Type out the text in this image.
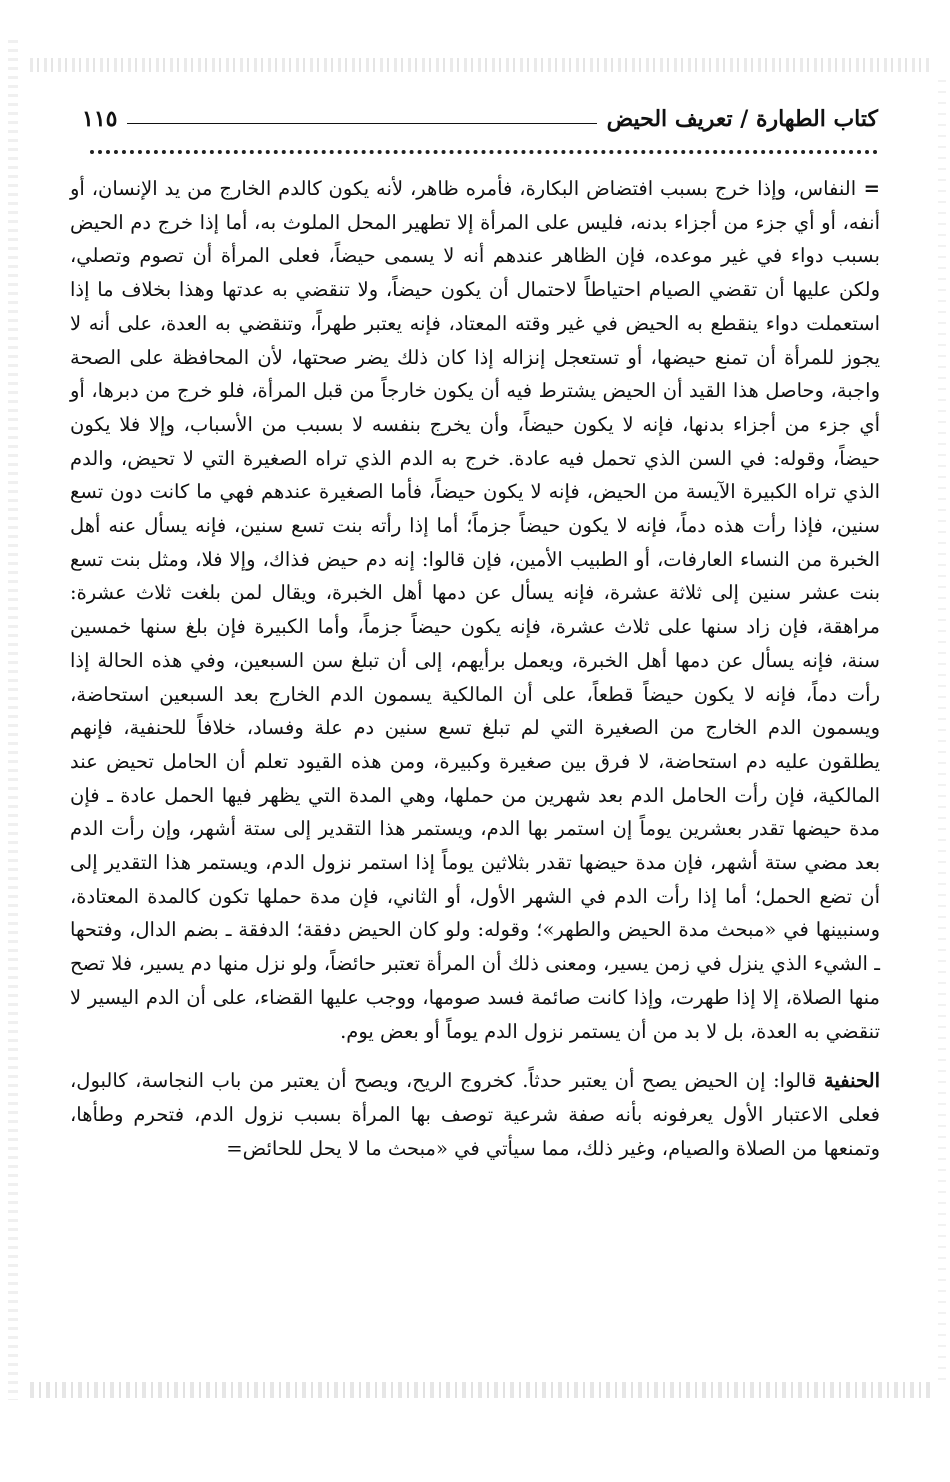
كتاب الطهارة / تعريف الحيض
١١٥

= النفاس، وإذا خرج بسبب افتضاض البكارة، فأمره ظاهر، لأنه يكون كالدم الخارج من يد الإنسان، أو أنفه، أو أي جزء من أجزاء بدنه، فليس على المرأة إلا تطهير المحل الملوث به، أما إذا خرج دم الحيض بسبب دواء في غير موعده، فإن الظاهر عندهم أنه لا يسمى حيضاً، فعلى المرأة أن تصوم وتصلي، ولكن عليها أن تقضي الصيام احتياطاً لاحتمال أن يكون حيضاً، ولا تنقضي به عدتها وهذا بخلاف ما إذا استعملت دواء ينقطع به الحيض في غير وقته المعتاد، فإنه يعتبر طهراً، وتنقضي به العدة، على أنه لا يجوز للمرأة أن تمنع حيضها، أو تستعجل إنزاله إذا كان ذلك يضر صحتها، لأن المحافظة على الصحة واجبة، وحاصل هذا القيد أن الحيض يشترط فيه أن يكون خارجاً من قبل المرأة، فلو خرج من دبرها، أو أي جزء من أجزاء بدنها، فإنه لا يكون حيضاً، وأن يخرج بنفسه لا بسبب من الأسباب، وإلا فلا يكون حيضاً، وقوله: في السن الذي تحمل فيه عادة. خرج به الدم الذي تراه الصغيرة التي لا تحيض، والدم الذي تراه الكبيرة الآيسة من الحيض، فإنه لا يكون حيضاً، فأما الصغيرة عندهم فهي ما كانت دون تسع سنين، فإذا رأت هذه دماً، فإنه لا يكون حيضاً جزماً؛ أما إذا رأته بنت تسع سنين، فإنه يسأل عنه أهل الخبرة من النساء العارفات، أو الطبيب الأمين، فإن قالوا: إنه دم حيض فذاك، وإلا فلا، ومثل بنت تسع بنت عشر سنين إلى ثلاثة عشرة، فإنه يسأل عن دمها أهل الخبرة، ويقال لمن بلغت ثلاث عشرة: مراهقة، فإن زاد سنها على ثلاث عشرة، فإنه يكون حيضاً جزماً، وأما الكبيرة فإن بلغ سنها خمسين سنة، فإنه يسأل عن دمها أهل الخبرة، ويعمل برأيهم، إلى أن تبلغ سن السبعين، وفي هذه الحالة إذا رأت دماً، فإنه لا يكون حيضاً قطعاً، على أن المالكية يسمون الدم الخارج بعد السبعين استحاضة، ويسمون الدم الخارج من الصغيرة التي لم تبلغ تسع سنين دم علة وفساد، خلافاً للحنفية، فإنهم يطلقون عليه دم استحاضة، لا فرق بين صغيرة وكبيرة، ومن هذه القيود تعلم أن الحامل تحيض عند المالكية، فإن رأت الحامل الدم بعد شهرين من حملها، وهي المدة التي يظهر فيها الحمل عادة ـ فإن مدة حيضها تقدر بعشرين يوماً إن استمر بها الدم، ويستمر هذا التقدير إلى ستة أشهر، وإن رأت الدم بعد مضي ستة أشهر، فإن مدة حيضها تقدر بثلاثين يوماً إذا استمر نزول الدم، ويستمر هذا التقدير إلى أن تضع الحمل؛ أما إذا رأت الدم في الشهر الأول، أو الثاني، فإن مدة حملها تكون كالمدة المعتادة، وسنبينها في «مبحث مدة الحيض والطهر»؛ وقوله: ولو كان الحيض دفقة؛ الدفقة ـ بضم الدال، وفتحها ـ الشيء الذي ينزل في زمن يسير، ومعنى ذلك أن المرأة تعتبر حائضاً، ولو نزل منها دم يسير، فلا تصح منها الصلاة، إلا إذا طهرت، وإذا كانت صائمة فسد صومها، ووجب عليها القضاء، على أن الدم اليسير لا تنقضي به العدة، بل لا بد من أن يستمر نزول الدم يوماً أو بعض يوم.

الحنفية قالوا: إن الحيض يصح أن يعتبر حدثاً. كخروج الريح، ويصح أن يعتبر من باب النجاسة، كالبول، فعلى الاعتبار الأول يعرفونه بأنه صفة شرعية توصف بها المرأة بسبب نزول الدم، فتحرم وطأها، وتمنعها من الصلاة والصيام، وغير ذلك، مما سيأتي في «مبحث ما لا يحل للحائض=
